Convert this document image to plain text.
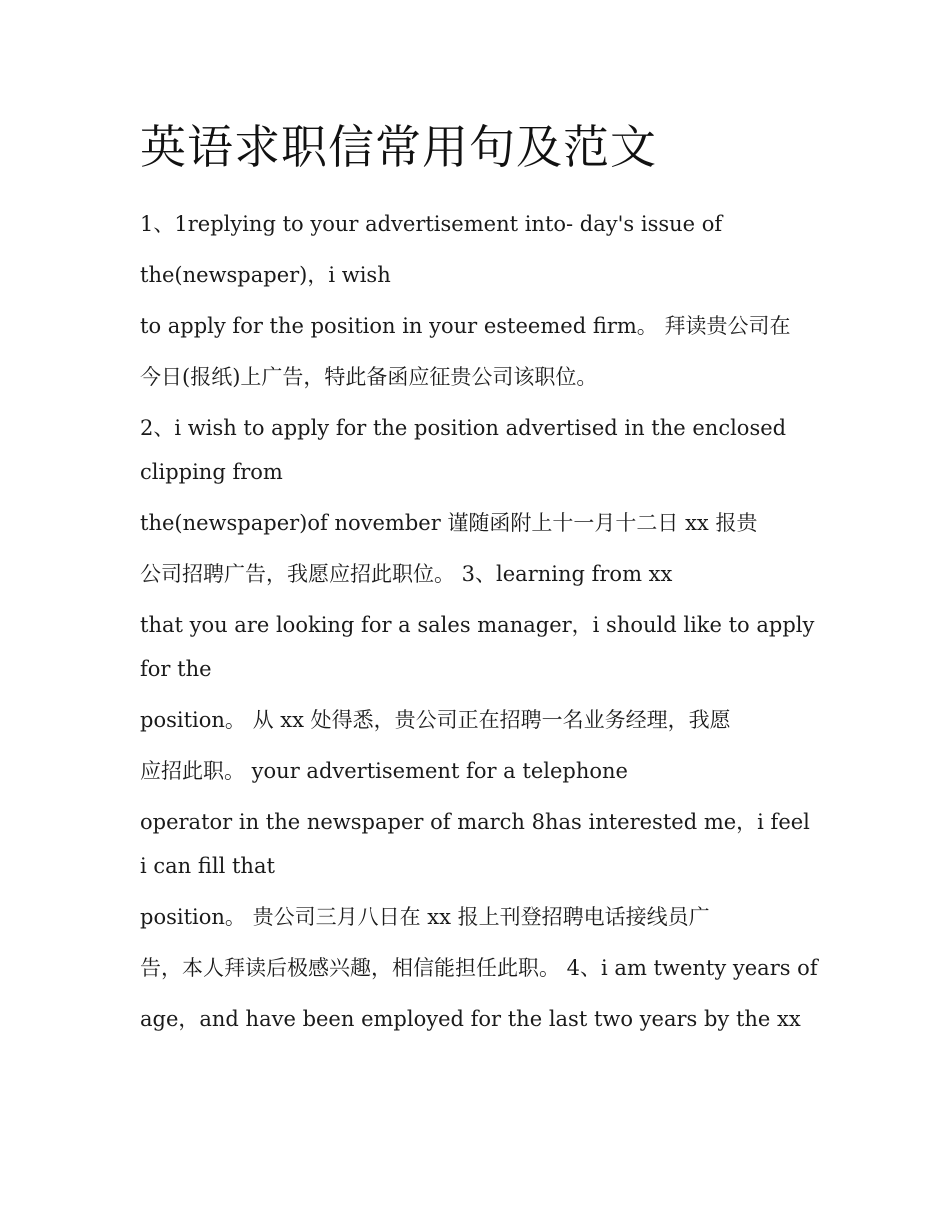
英语求职信常用句及范文

1、1replying to your advertisement into- day's issue of

the(newspaper)，i wish

to apply for the position in your esteemed firm。 拜读贵公司在

今日(报纸)上广告，特此备函应征贵公司该职位。

2、i wish to apply for the position advertised in the enclosed clipping from

the(newspaper)of november 谨随函附上十一月十二日 xx 报贵

公司招聘广告，我愿应招此职位。 3、learning from xx

that you are looking for a sales manager，i should like to apply for the

position。 从 xx 处得悉，贵公司正在招聘一名业务经理，我愿

应招此职。 your advertisement for a telephone

operator in the newspaper of march 8has interested me，i feel i can fill that

position。 贵公司三月八日在 xx 报上刊登招聘电话接线员广

告，本人拜读后极感兴趣，相信能担任此职。 4、i am twenty years of

age，and have been employed for the last two years by the xx
